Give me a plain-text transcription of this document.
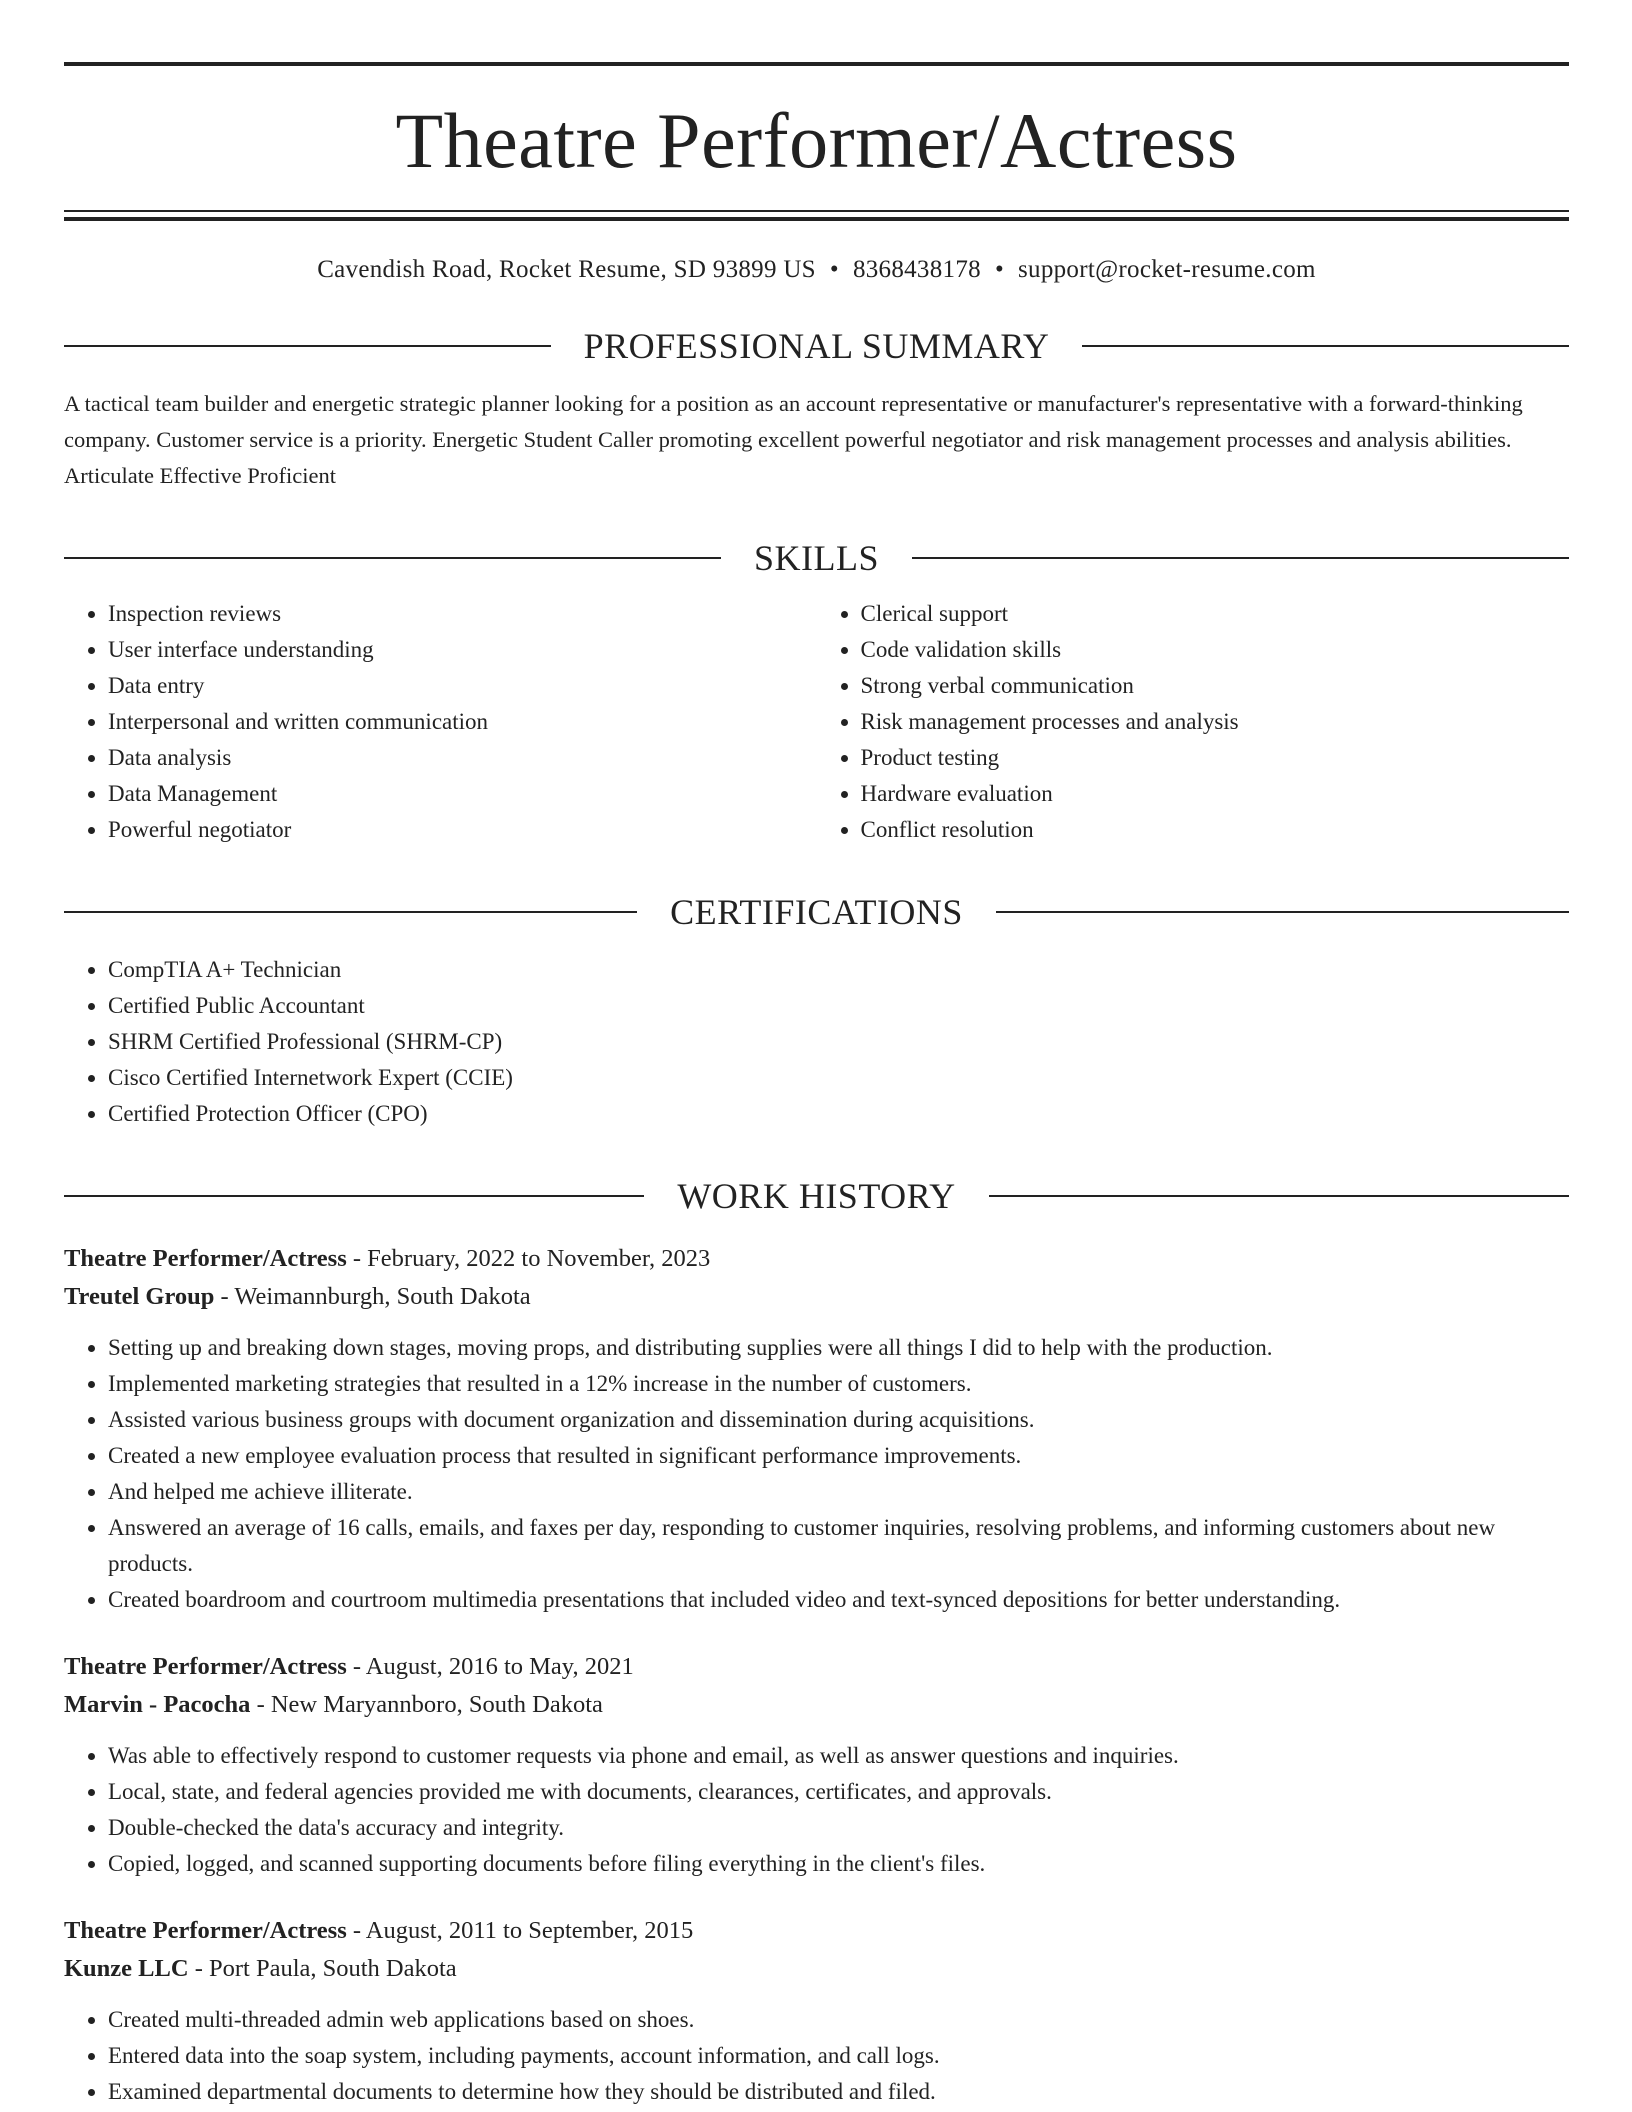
Theatre Performer/Actress
Cavendish Road, Rocket Resume, SD 93899 US • 8368438178 • support@rocket-resume.com
PROFESSIONAL SUMMARY
A tactical team builder and energetic strategic planner looking for a position as an account representative or manufacturer's representative with a forward-thinking company. Customer service is a priority. Energetic Student Caller promoting excellent powerful negotiator and risk management processes and analysis abilities. Articulate Effective Proficient
SKILLS
• Inspection reviews
• User interface understanding
• Data entry
• Interpersonal and written communication
• Data analysis
• Data Management
• Powerful negotiator
• Clerical support
• Code validation skills
• Strong verbal communication
• Risk management processes and analysis
• Product testing
• Hardware evaluation
• Conflict resolution
CERTIFICATIONS
• CompTIA A+ Technician
• Certified Public Accountant
• SHRM Certified Professional (SHRM-CP)
• Cisco Certified Internetwork Expert (CCIE)
• Certified Protection Officer (CPO)
WORK HISTORY
Theatre Performer/Actress - February, 2022 to November, 2023
Treutel Group - Weimannburgh, South Dakota
• Setting up and breaking down stages, moving props, and distributing supplies were all things I did to help with the production.
• Implemented marketing strategies that resulted in a 12% increase in the number of customers.
• Assisted various business groups with document organization and dissemination during acquisitions.
• Created a new employee evaluation process that resulted in significant performance improvements.
• And helped me achieve illiterate.
• Answered an average of 16 calls, emails, and faxes per day, responding to customer inquiries, resolving problems, and informing customers about new products.
• Created boardroom and courtroom multimedia presentations that included video and text-synced depositions for better understanding.
Theatre Performer/Actress - August, 2016 to May, 2021
Marvin - Pacocha - New Maryannboro, South Dakota
• Was able to effectively respond to customer requests via phone and email, as well as answer questions and inquiries.
• Local, state, and federal agencies provided me with documents, clearances, certificates, and approvals.
• Double-checked the data's accuracy and integrity.
• Copied, logged, and scanned supporting documents before filing everything in the client's files.
Theatre Performer/Actress - August, 2011 to September, 2015
Kunze LLC - Port Paula, South Dakota
• Created multi-threaded admin web applications based on shoes.
• Entered data into the soap system, including payments, account information, and call logs.
• Examined departmental documents to determine how they should be distributed and filed.
